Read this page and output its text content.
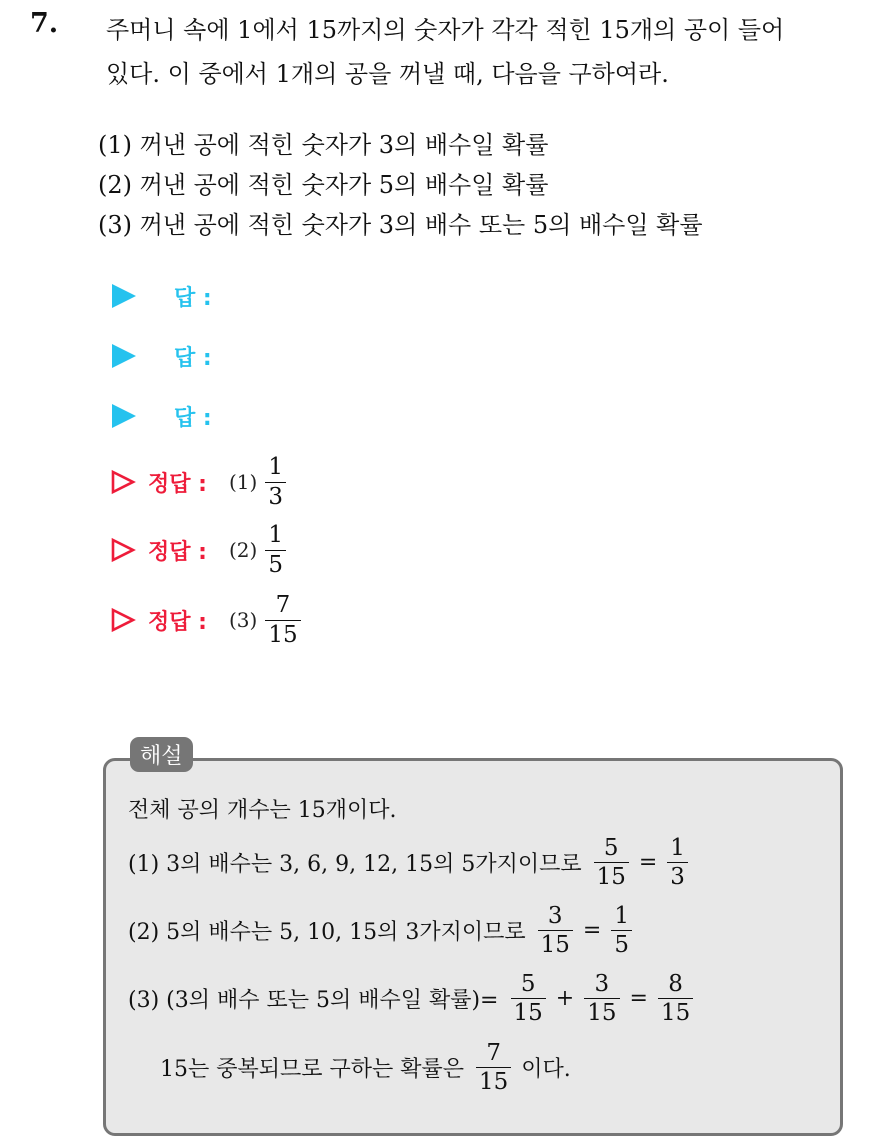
7. 주머니 속에 1에서 15까지의 숫자가 각각 적힌 15개의 공이 들어
있다. 이 중에서 1개의 공을 꺼낼 때, 다음을 구하여라.
(1) 꺼낸 공에 적힌 숫자가 3의 배수일 확률
(2) 꺼낸 공에 적힌 숫자가 5의 배수일 확률
(3) 꺼낸 공에 적힌 숫자가 3의 배수 또는 5의 배수일 확률
답 :
답 :
답 :
정답 : $(1) \frac{1}{3}$
정답 : $(2) \frac{1}{5}$
정답 : $(3) \frac{7}{15}$
해설
전체 공의 개수는 15개이다.
(1) 3의 배수는 3, 6, 9, 12, 15의 5가지이므로 $\frac{5}{15} = \frac{1}{3}$
(2) 5의 배수는 5, 10, 15의 3가지이므로 $\frac{3}{15} = \frac{1}{5}$
(3) (3의 배수 또는 5의 배수일 확률)= $\frac{5}{15} + \frac{3}{15} = \frac{8}{15}$
15는 중복되므로 구하는 확률은 $\frac{7}{15}$ 이다.
